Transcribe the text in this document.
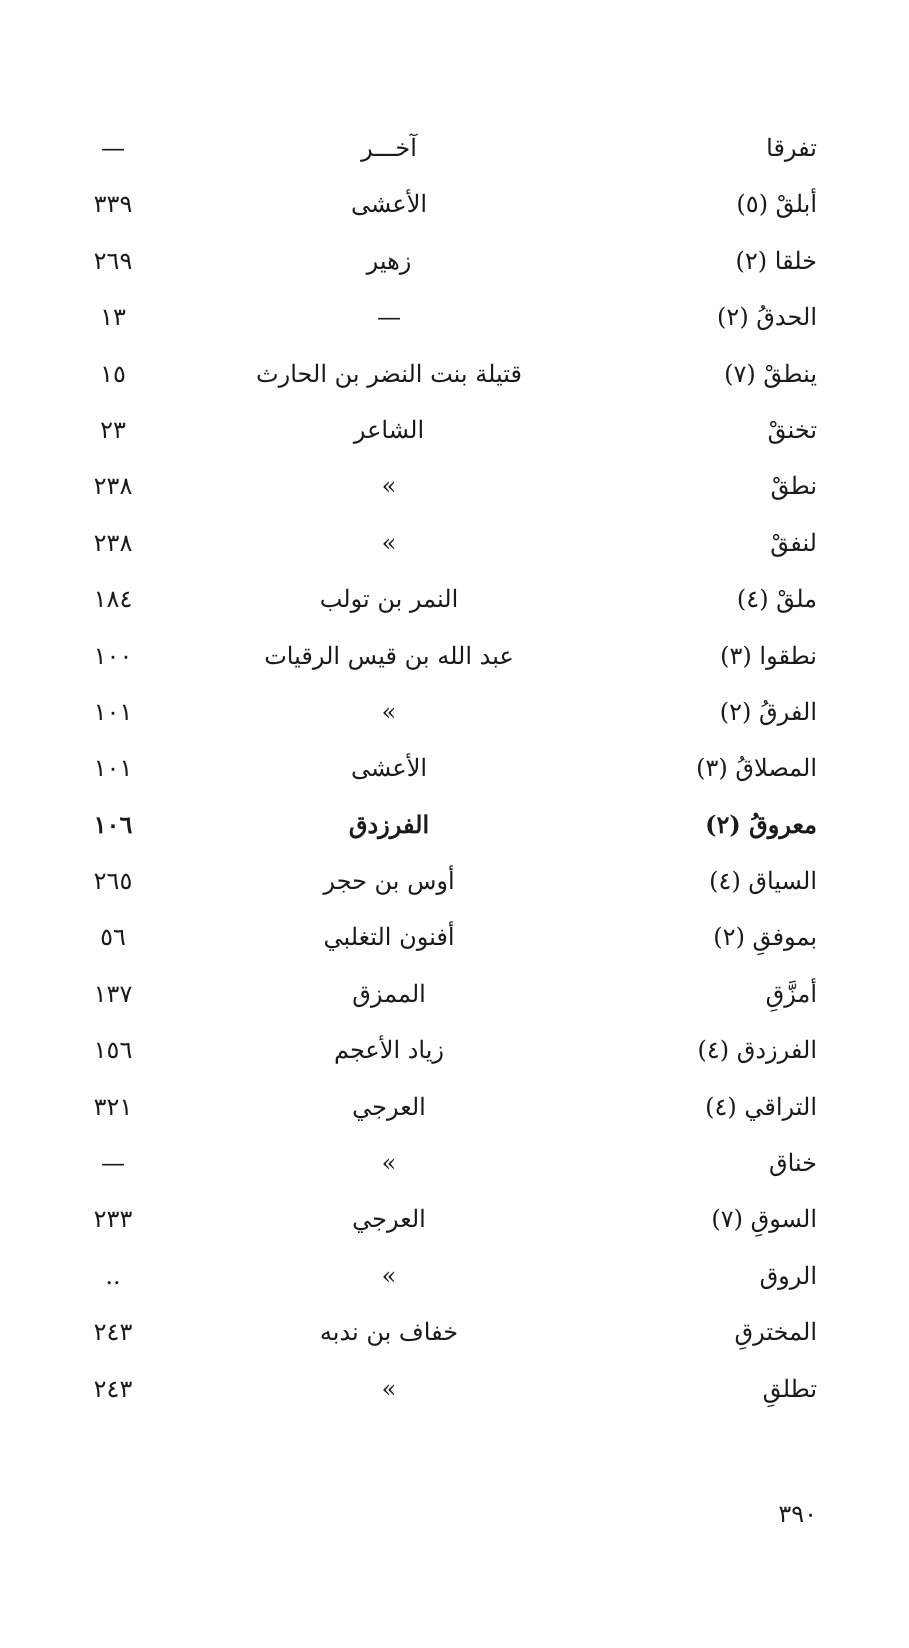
تفرقا
آخـــر
—
أبلقْ (٥)
الأعشى
٣٣٩
خلقا (٢)
زهير
٢٦٩
الحدقُ (٢)
—
١٣
ينطقْ (٧)
قتيلة بنت النضر بن الحارث
١٥
تخنقْ
الشاعر
٢٣
نطقْ
»
٢٣٨
لنفقْ
»
٢٣٨
ملقْ (٤)
النمر بن تولب
١٨٤
نطقوا (٣)
عبد الله بن قيس الرقيات
١٠٠
الفرقُ (٢)
»
١٠١
المصلاقُ (٣)
الأعشى
١٠١
معروقُ (٢)
الفرزدق
١٠٦
السياق (٤)
أوس بن حجر
٢٦٥
بموفقِ (٢)
أفنون التغلبي
٥٦
أمزَّقِ
الممزق
١٣٧
الفرزدق (٤)
زياد الأعجم
١٥٦
التراقي (٤)
العرجي
٣٢١
خناق
»
—
السوقِ (٧)
العرجي
٢٣٣
الروق
»
..
المخترقِ
خفاف بن ندبه
٢٤٣
تطلقِ
»
٢٤٣
٣٩٠
